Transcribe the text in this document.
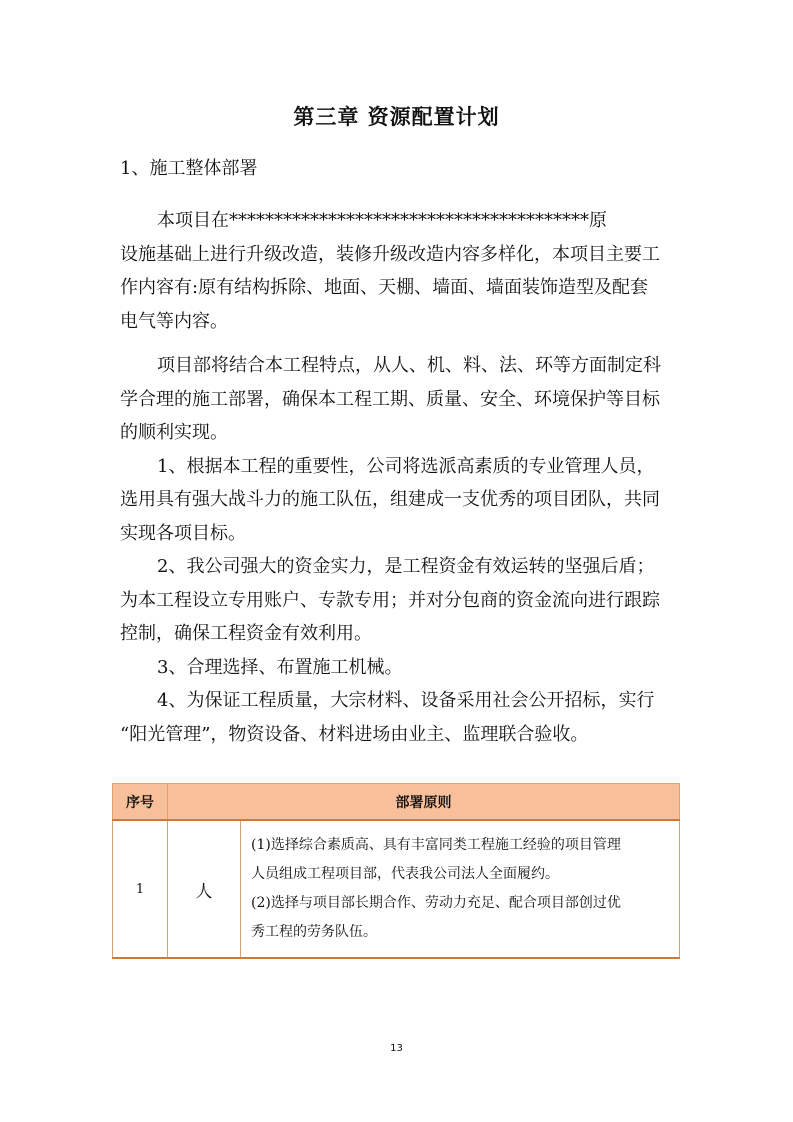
第三章 资源配置计划
1、施工整体部署

本项目在****************************************原
设施基础上进行升级改造，装修升级改造内容多样化，本项目主要工
作内容有:原有结构拆除、地面、天棚、墙面、墙面装饰造型及配套
电气等内容。

项目部将结合本工程特点，从人、机、料、法、环等方面制定科
学合理的施工部署，确保本工程工期、质量、安全、环境保护等目标
的顺利实现。

1、根据本工程的重要性，公司将选派高素质的专业管理人员，
选用具有强大战斗力的施工队伍，组建成一支优秀的项目团队，共同
实现各项目标。

2、我公司强大的资金实力，是工程资金有效运转的坚强后盾；
为本工程设立专用账户、专款专用；并对分包商的资金流向进行跟踪
控制，确保工程资金有效利用。

3、合理选择、布置施工机械。

4、为保证工程质量，大宗材料、设备采用社会公开招标，实行
“阳光管理”，物资设备、材料进场由业主、监理联合验收。

序号	部署原则	
1	人	(1)选择综合素质高、具有丰富同类工程施工经验的项目管理
人员组成工程项目部，代表我公司法人全面履约。
(2)选择与项目部长期合作、劳动力充足、配合项目部创过优
秀工程的劳务队伍。
13
